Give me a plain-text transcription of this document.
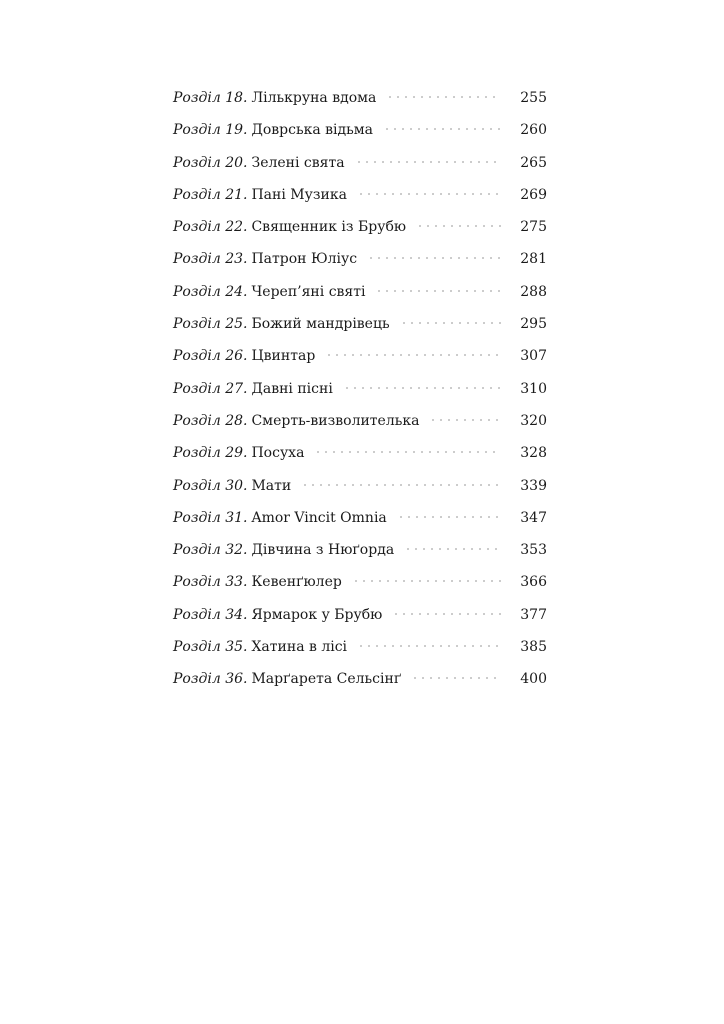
Розділ 18. Лількруна вдома	255
Розділ 19. Доврська відьма	260
Розділ 20. Зелені свята	265
Розділ 21. Пані Музика	269
Розділ 22. Священник із Брубю	275
Розділ 23. Патрон Юліус	281
Розділ 24. Череп’яні святі	288
Розділ 25. Божий мандрівець	295
Розділ 26. Цвинтар	307
Розділ 27. Давні пісні	310
Розділ 28. Смерть-визволителька	320
Розділ 29. Посуха	328
Розділ 30. Мати	339
Розділ 31. Amor Vincit Omnia	347
Розділ 32. Дівчина з Нюґорда	353
Розділ 33. Кевенґюлер	366
Розділ 34. Ярмарок у Брубю	377
Розділ 35. Хатина в лісі	385
Розділ 36. Марґарета Сельсінґ	400
